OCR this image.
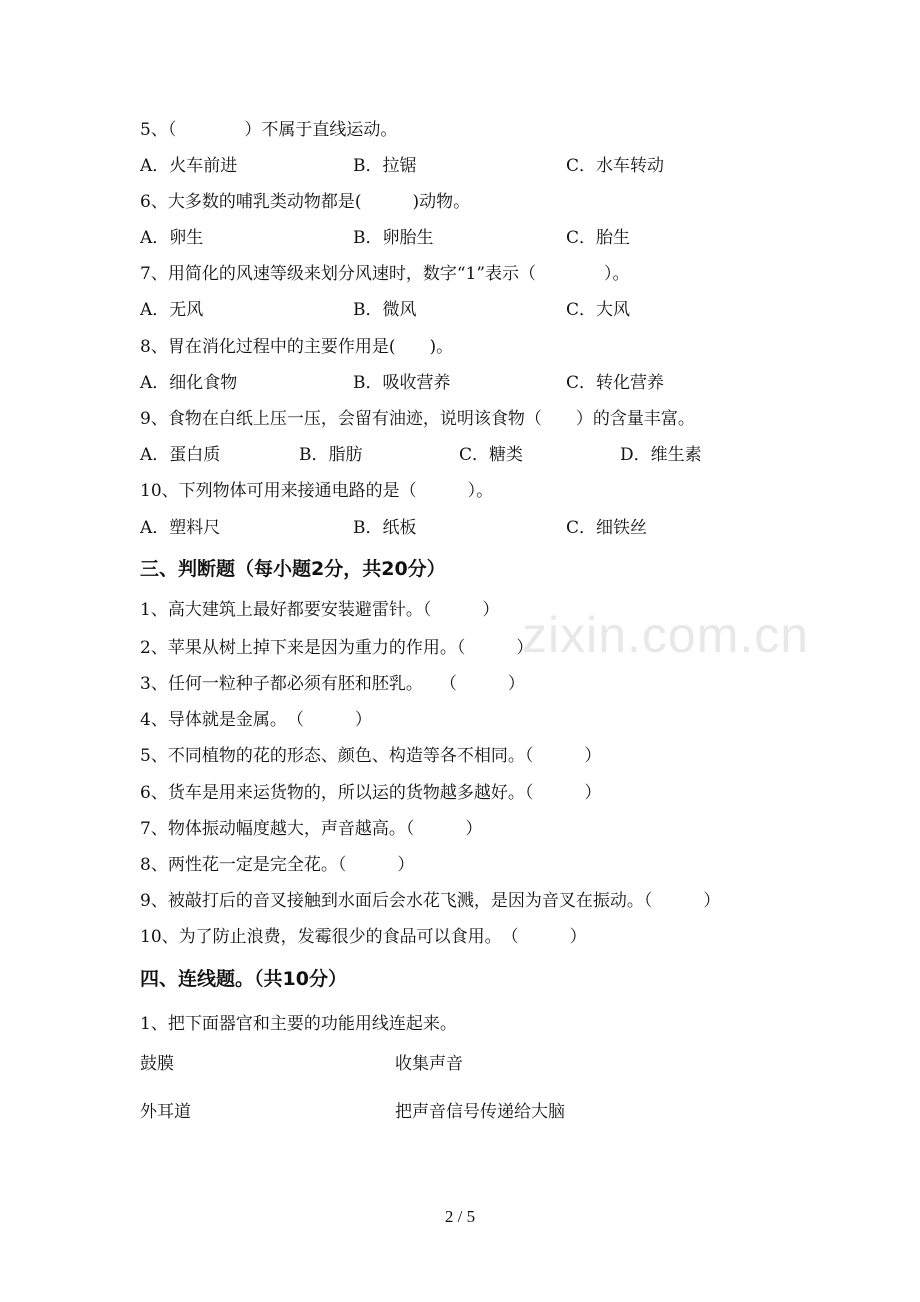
zixin.com.cn
5、（　　　　）不属于直线运动。
A．火车前进	B．拉锯	C．水车转动
6、大多数的哺乳类动物都是(　　　)动物。
A．卵生	B．卵胎生	C．胎生
7、用简化的风速等级来划分风速时，数字“1”表示（　　　　）。
A．无风	B．微风	C．大风
8、胃在消化过程中的主要作用是(　　)。
A．细化食物	B．吸收营养	C．转化营养
9、食物在白纸上压一压，会留有油迹，说明该食物（　　）的含量丰富。
A．蛋白质	B．脂肪	C．糖类	D．维生素
10、下列物体可用来接通电路的是（　　　）。
A．塑料尺	B．纸板	C．细铁丝
三、判断题（每小题2分，共20分）
1、高大建筑上最好都要安装避雷针。（　　　）
2、苹果从树上掉下来是因为重力的作用。（　　　）
3、任何一粒种子都必须有胚和胚乳。　　（　　　）
4、导体就是金属。　（　　　）
5、不同植物的花的形态、颜色、构造等各不相同。（　　　）
6、货车是用来运货物的，所以运的货物越多越好。（　　　）
7、物体振动幅度越大，声音越高。（　　　）
8、两性花一定是完全花。（　　　）
9、被敲打后的音叉接触到水面后会水花飞溅，是因为音叉在振动。（　　　）
10、为了防止浪费，发霉很少的食品可以食用。　（　　　）
四、连线题。（共10分）
1、把下面器官和主要的功能用线连起来。
鼓膜	收集声音
外耳道	把声音信号传递给大脑
2 / 5
